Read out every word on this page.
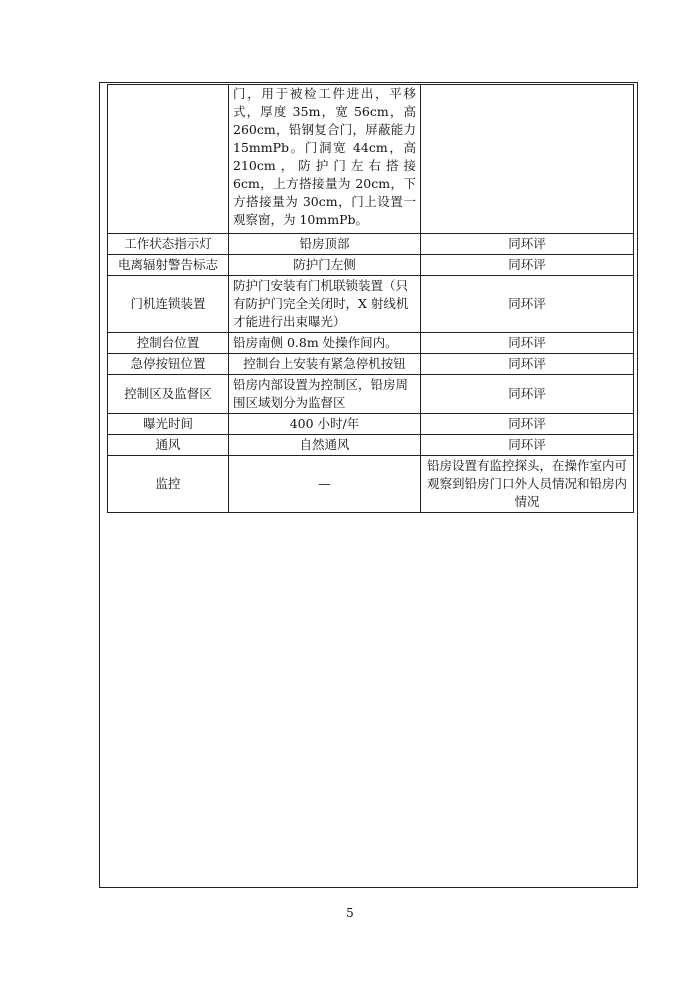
	门，用于被检工件进出，平移式，厚度 35m，宽 56cm，高 260cm，铅钢复合门，屏蔽能力 15mmPb。门洞宽 44cm，高 210cm，防护门左右搭接 6cm，上方搭接量为 20cm，下方搭接量为 30cm，门上设置一观察窗，为 10mmPb。	

工作状态指示灯	铅房顶部	同环评
电离辐射警告标志	防护门左侧	同环评
门机连锁装置	防护门安装有门机联锁装置（只有防护门完全关闭时，X 射线机才能进行出束曝光）	同环评
控制台位置	铅房南侧 0.8m 处操作间内。	同环评
急停按钮位置	控制台上安装有紧急停机按钮	同环评
控制区及监督区	铅房内部设置为控制区，铅房周围区域划分为监督区	同环评
曝光时间	400 小时/年	同环评
通风	自然通风	同环评
监控	—	铅房设置有监控探头，在操作室内可观察到铅房门口外人员情况和铅房内情况
5
